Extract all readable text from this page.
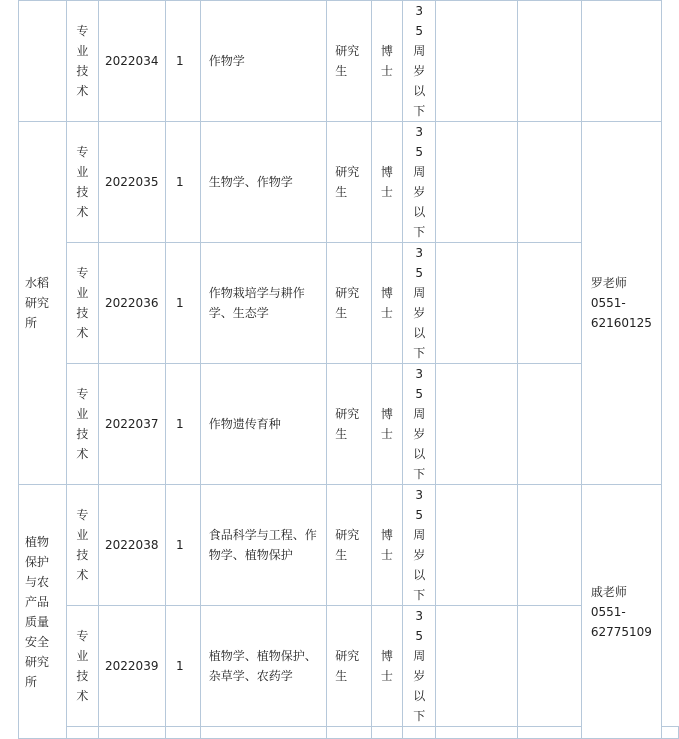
	专业技术	2022034	1	作物学	研究生	博士	35周岁以下				

水稻研究所	专业技术	2022035	1	生物学、作物学	研究生	博士	35周岁以下			罗老师
0551-
62160125	

	专业技术	2022036	1	作物栽培学与耕作学、生态学	研究生	博士	35周岁以下				

	专业技术	2022037	1	作物遗传育种	研究生	博士	35周岁以下				

植物保护与农产品质量安全研究所	专业技术	2022038	1	食品科学与工程、作物学、植物保护	研究生	博士	35周岁以下			戚老师
0551-
62775109	

	专业技术	2022039	1	植物学、植物保护、杂草学、农药学	研究生	博士	35周岁以下				
